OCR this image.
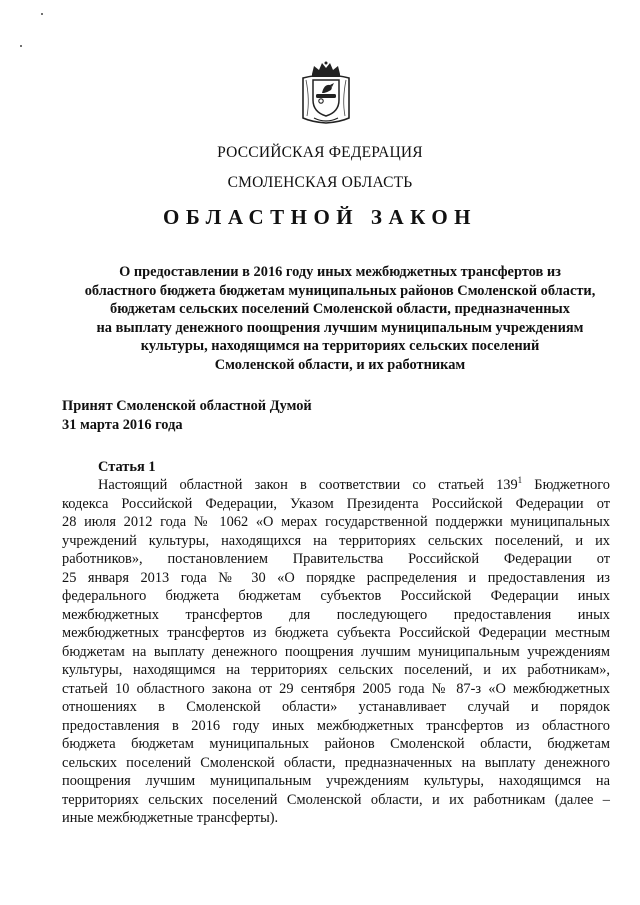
РОССИЙСКАЯ ФЕДЕРАЦИЯ
СМОЛЕНСКАЯ ОБЛАСТЬ
ОБЛАСТНОЙ ЗАКОН
О предоставлении в 2016 году иных межбюджетных трансфертов из
областного бюджета бюджетам муниципальных районов Смоленской области,
бюджетам сельских поселений Смоленской области, предназначенных
на выплату денежного поощрения лучшим муниципальным учреждениям
культуры, находящимся на территориях сельских поселений
Смоленской области, и их работникам
Принят Смоленской областной Думой
31 марта 2016 года
Статья 1
Настоящий областной закон в соответствии со статьей $139^1$ Бюджетного
кодекса Российской Федерации, Указом Президента Российской Федерации от
28 июля 2012 года № 1062 «О мерах государственной поддержки муниципальных
учреждений культуры, находящихся на территориях сельских поселений, и их
работников», постановлением Правительства Российской Федерации от
25 января 2013 года № 30 «О порядке распределения и предоставления из
федерального бюджета бюджетам субъектов Российской Федерации иных
межбюджетных трансфертов для последующего предоставления иных
межбюджетных трансфертов из бюджета субъекта Российской Федерации местным
бюджетам на выплату денежного поощрения лучшим муниципальным учреждениям
культуры, находящимся на территориях сельских поселений, и их работникам»,
статьей 10 областного закона от 29 сентября 2005 года № 87-з «О межбюджетных
отношениях в Смоленской области» устанавливает случай и порядок
предоставления в 2016 году иных межбюджетных трансфертов из областного
бюджета бюджетам муниципальных районов Смоленской области, бюджетам
сельских поселений Смоленской области, предназначенных на выплату денежного
поощрения лучшим муниципальным учреждениям культуры, находящимся на
территориях сельских поселений Смоленской области, и их работникам (далее –
иные межбюджетные трансферты).
